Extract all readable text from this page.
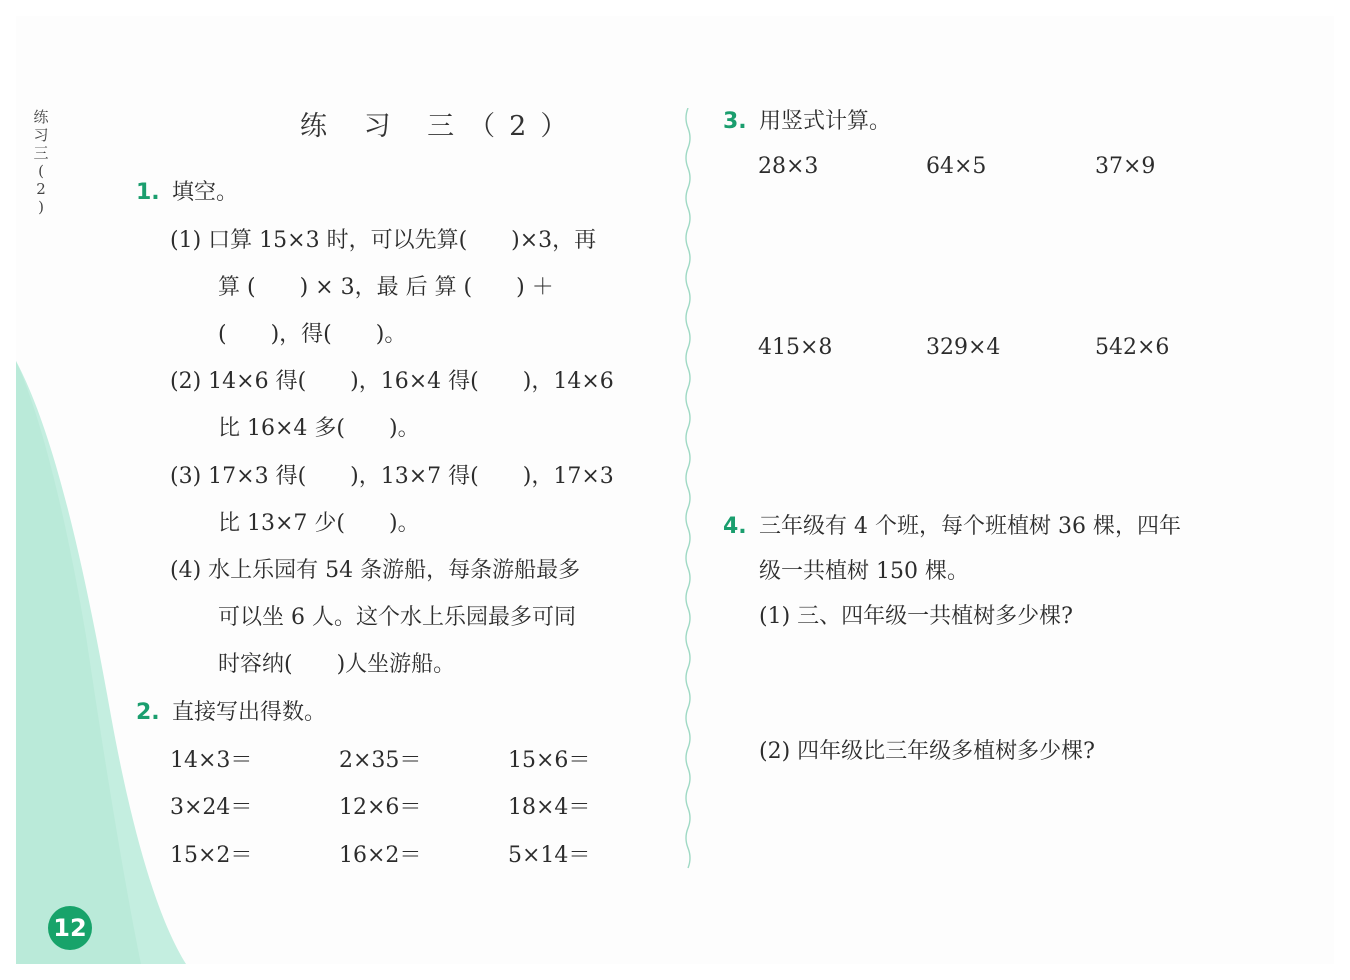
练
习
三
(
2
)
12
练 习 三（2）
1. 填空。
(1) 口算 15×3 时，可以先算(　　)×3，再
算 (　　) × 3，最 后 算 (　　) ＋
(　　)，得(　　)。
(2) 14×6 得(　　)，16×4 得(　　)，14×6
比 16×4 多(　　)。
(3) 17×3 得(　　)，13×7 得(　　)，17×3
比 13×7 少(　　)。
(4) 水上乐园有 54 条游船，每条游船最多
可以坐 6 人。这个水上乐园最多可同
时容纳(　　)人坐游船。
2. 直接写出得数。
14×3＝	2×35＝	15×6＝
3×24＝	12×6＝	18×4＝
15×2＝	16×2＝	5×14＝
3. 用竖式计算。
28×3	64×5	37×9
415×8	329×4	542×6
4. 三年级有 4 个班，每个班植树 36 棵，四年
级一共植树 150 棵。
(1) 三、四年级一共植树多少棵?
(2) 四年级比三年级多植树多少棵?
